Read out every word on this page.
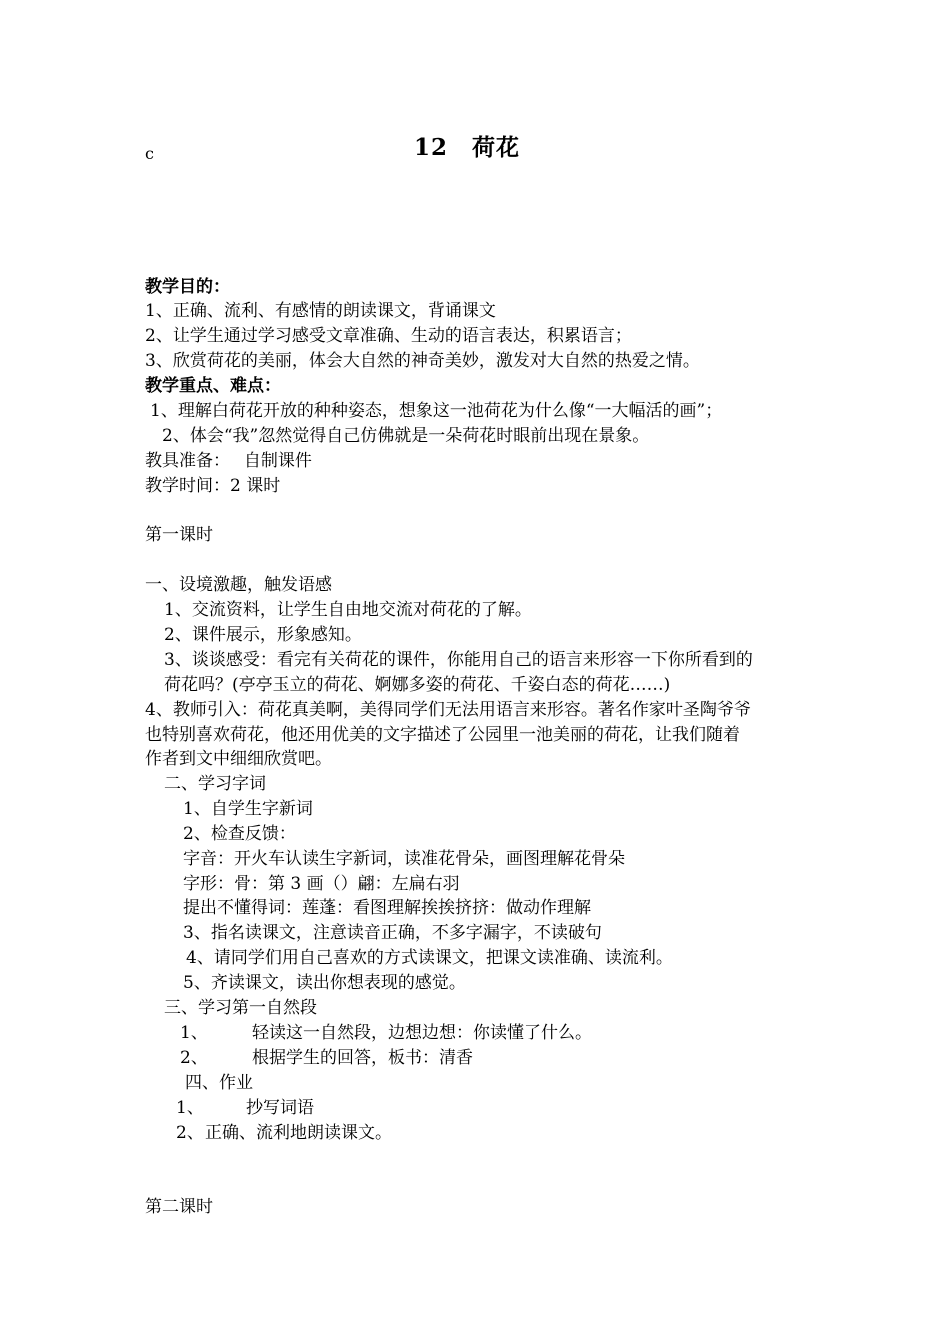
c	12　荷花
教学目的：
1、正确、流利、有感情的朗读课文，背诵课文
2、让学生通过学习感受文章准确、生动的语言表达，积累语言；
3、欣赏荷花的美丽，体会大自然的神奇美妙，激发对大自然的热爱之情。
教学重点、难点：
1、理解白荷花开放的种种姿态，想象这一池荷花为什么像“一大幅活的画”；
2、体会“我”忽然觉得自己仿佛就是一朵荷花时眼前出现在景象。
教具准备：　 自制课件
教学时间：2 课时
第一课时
一、设境激趣，触发语感
1、交流资料，让学生自由地交流对荷花的了解。
2、课件展示，形象感知。
3、谈谈感受：看完有关荷花的课件，你能用自己的语言来形容一下你所看到的
荷花吗？(亭亭玉立的荷花、婀娜多姿的荷花、千姿白态的荷花……)
4、教师引入：荷花真美啊，美得同学们无法用语言来形容。著名作家叶圣陶爷爷
也特别喜欢荷花，他还用优美的文字描述了公园里一池美丽的荷花，让我们随着
作者到文中细细欣赏吧。
二、学习字词
1、自学生字新词
2、检查反馈：
字音：开火车认读生字新词，读准花骨朵，画图理解花骨朵
字形：骨：第 3 画（）翩：左扁右羽
提出不懂得词：莲蓬：看图理解挨挨挤挤：做动作理解
3、指名读课文，注意读音正确，不多字漏字，不读破句
4、请同学们用自己喜欢的方式读课文，把课文读准确、读流利。
5、齐读课文，读出你想表现的感觉。
三、学习第一自然段
1、	轻读这一自然段，边想边想：你读懂了什么。
2、	根据学生的回答，板书：清香
四、作业
1、 抄写词语
2、 正确、流利地朗读课文。
第二课时
